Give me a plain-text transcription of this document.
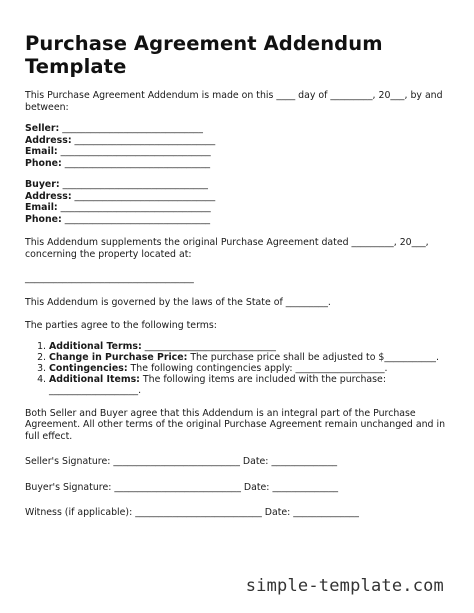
Purchase Agreement Addendum Template

This Purchase Agreement Addendum is made on this ____ day of _________, 20___, by and between:

Seller: ______________________________
Address: ______________________________
Email: ________________________________
Phone: _______________________________
Buyer: _______________________________
Address: ______________________________
Email: ________________________________
Phone: _______________________________

This Addendum supplements the original Purchase Agreement dated _________, 20___, concerning the property located at:

____________________________________

This Addendum is governed by the laws of the State of _________.

The parties agree to the following terms:

1. Additional Terms: ____________________________
2. Change in Purchase Price: The purchase price shall be adjusted to $___________.
3. Contingencies: The following contingencies apply: ___________________.
4. Additional Items: The following items are included with the purchase: ___________________.

Both Seller and Buyer agree that this Addendum is an integral part of the Purchase Agreement. All other terms of the original Purchase Agreement remain unchanged and in full effect.

Seller's Signature: ___________________________ Date: ______________

Buyer's Signature: ___________________________ Date: ______________

Witness (if applicable): ___________________________ Date: ______________

simple-template.com
